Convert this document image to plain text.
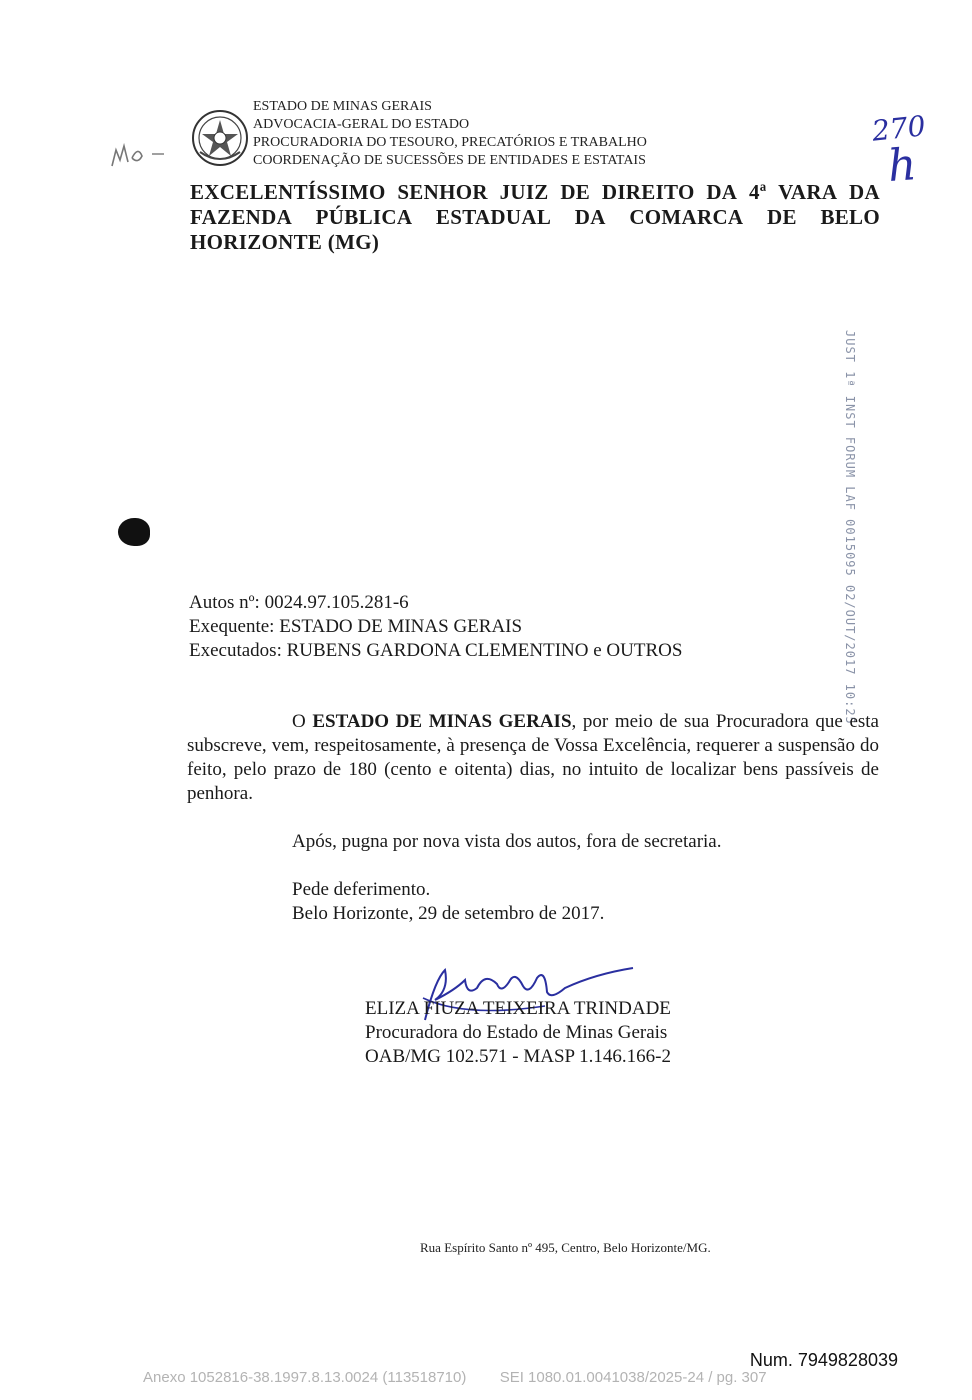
ESTADO DE MINAS GERAIS
ADVOCACIA-GERAL DO ESTADO
PROCURADORIA DO TESOURO, PRECATÓRIOS E TRABALHO
COORDENAÇÃO DE SUCESSÕES DE ENTIDADES E ESTATAIS
270
h
EXCELENTÍSSIMO SENHOR JUIZ DE DIREITO DA 4ª VARA DA
FAZENDA PÚBLICA ESTADUAL DA COMARCA DE BELO
HORIZONTE (MG)
JUST 1ª INST FORUM LAF 0015095 02/OUT/2017 10:25
Autos nº: 0024.97.105.281-6
Exequente: ESTADO DE MINAS GERAIS
Executados: RUBENS GARDONA CLEMENTINO e OUTROS
O ESTADO DE MINAS GERAIS, por meio de sua Procuradora que esta subscreve, vem, respeitosamente, à presença de Vossa Excelência, requerer a suspensão do feito, pelo prazo de 180 (cento e oitenta) dias, no intuito de localizar bens passíveis de penhora.
Após, pugna por nova vista dos autos, fora de secretaria.
Pede deferimento.
Belo Horizonte, 29 de setembro de 2017.
ELIZA FIUZA TEIXEIRA TRINDADE
Procuradora do Estado de Minas Gerais
OAB/MG 102.571 - MASP 1.146.166-2
Rua Espírito Santo nº 495, Centro, Belo Horizonte/MG.
Num. 7949828039
Anexo 1052816-38.1997.8.13.0024 (113518710) SEI 1080.01.0041038/2025-24 / pg. 307
